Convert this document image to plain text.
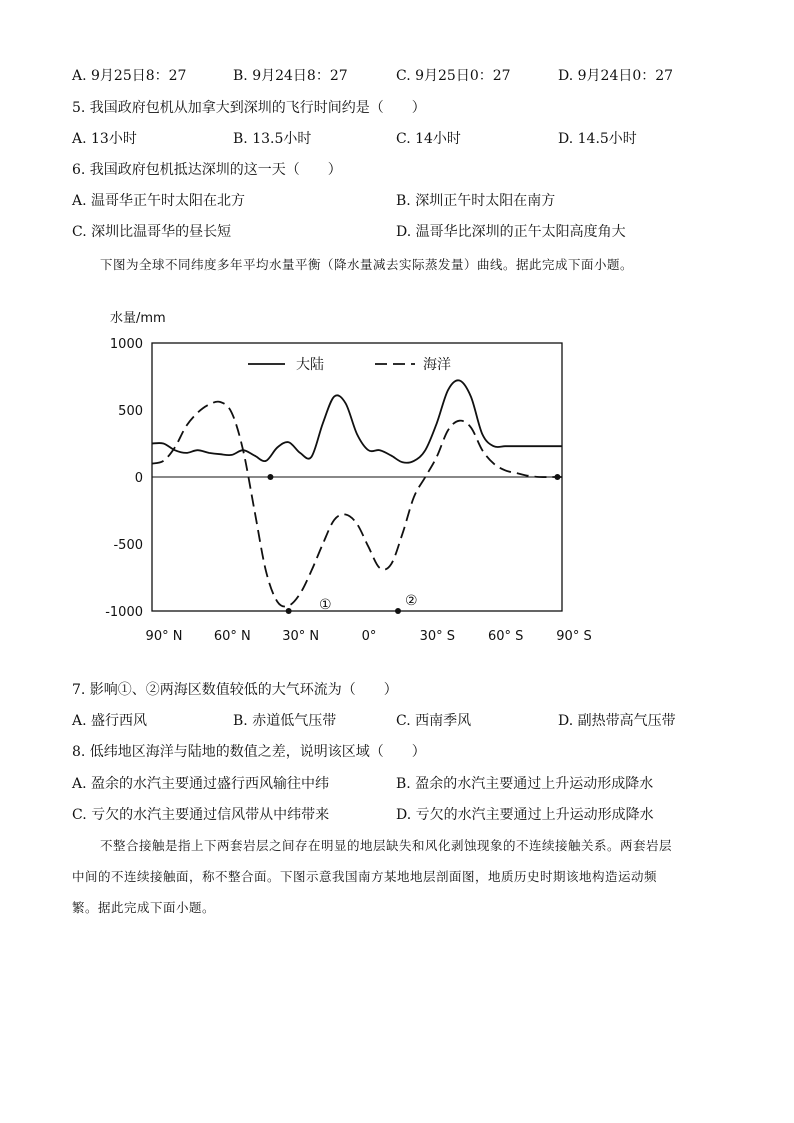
A. 9月25日8：27	B. 9月24日8：27	C. 9月25日0：27	D. 9月24日0：27
5. 我国政府包机从加拿大到深圳的飞行时间约是（　　）
A. 13小时	B. 13.5小时	C. 14小时	D. 14.5小时
6. 我国政府包机抵达深圳的这一天（　　）
A. 温哥华正午时太阳在北方	B. 深圳正午时太阳在南方
C. 深圳比温哥华的昼长短	D. 温哥华比深圳的正午太阳高度角大
下图为全球不同纬度多年平均水量平衡（降水量减去实际蒸发量）曲线。据此完成下面小题。
水量/mm
1000
500
0
-500
-1000
90° N 60° N 30° N	0°	30° S	60° S	90° S
大陆	海洋
①	②
7. 影响①、②两海区数值较低的大气环流为（　　）
A. 盛行西风	B. 赤道低气压带	C. 西南季风	D. 副热带高气压带
8. 低纬地区海洋与陆地的数值之差，说明该区域（　　）
A. 盈余的水汽主要通过盛行西风输往中纬	B. 盈余的水汽主要通过上升运动形成降水
C. 亏欠的水汽主要通过信风带从中纬带来	D. 亏欠的水汽主要通过上升运动形成降水
不整合接触是指上下两套岩层之间存在明显的地层缺失和风化剥蚀现象的不连续接触关系。两套岩层
中间的不连续接触面，称不整合面。下图示意我国南方某地地层剖面图，地质历史时期该地构造运动频
繁。据此完成下面小题。
